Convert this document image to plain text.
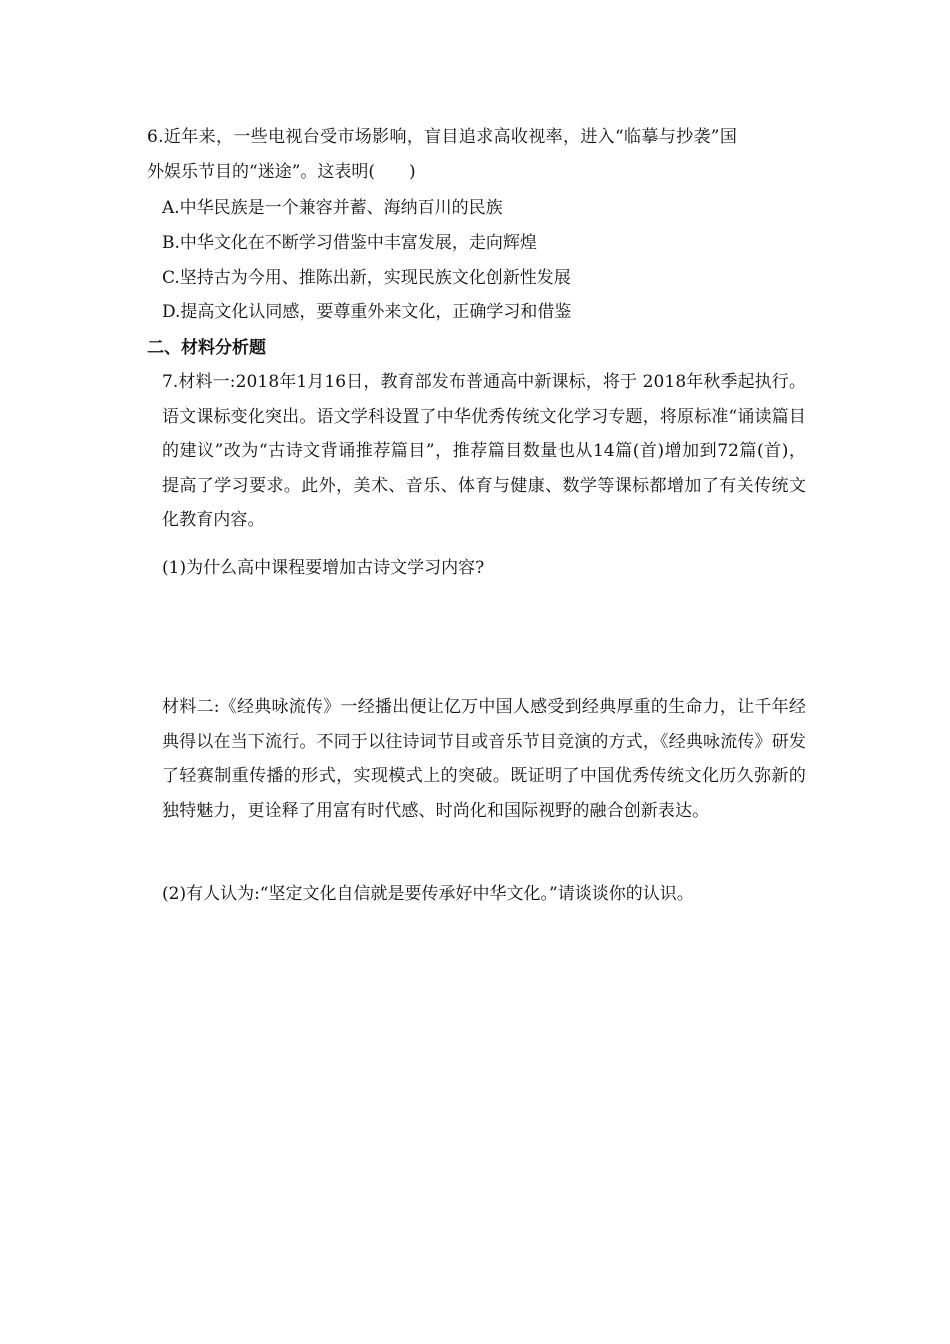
6.近年来，一些电视台受市场影响，盲目追求高收视率，进入“临摹与抄袭”国
外娱乐节目的“迷途”。这表明( )
A.中华民族是一个兼容并蓄、海纳百川的民族
B.中华文化在不断学习借鉴中丰富发展，走向辉煌
C.坚持古为今用、推陈出新，实现民族文化创新性发展
D.提高文化认同感，要尊重外来文化，正确学习和借鉴
二、材料分析题
7.材料一:2018年1月16日，教育部发布普通高中新课标，将于 2018年秋季起执行。语文课标变化突出。语文学科设置了中华优秀传统文化学习专题，将原标准“诵读篇目的建议”改为“古诗文背诵推荐篇目”，推荐篇目数量也从14篇(首)增加到72篇(首)，提高了学习要求。此外，美术、音乐、体育与健康、数学等课标都增加了有关传统文化教育内容。
(1)为什么高中课程要增加古诗文学习内容?
材料二:《经典咏流传》一经播出便让亿万中国人感受到经典厚重的生命力，让千年经典得以在当下流行。不同于以往诗词节目或音乐节目竞演的方式，《经典咏流传》研发了轻赛制重传播的形式，实现模式上的突破。既证明了中国优秀传统文化历久弥新的独特魅力，更诠释了用富有时代感、时尚化和国际视野的融合创新表达。
(2)有人认为:“坚定文化自信就是要传承好中华文化。”请谈谈你的认识。
